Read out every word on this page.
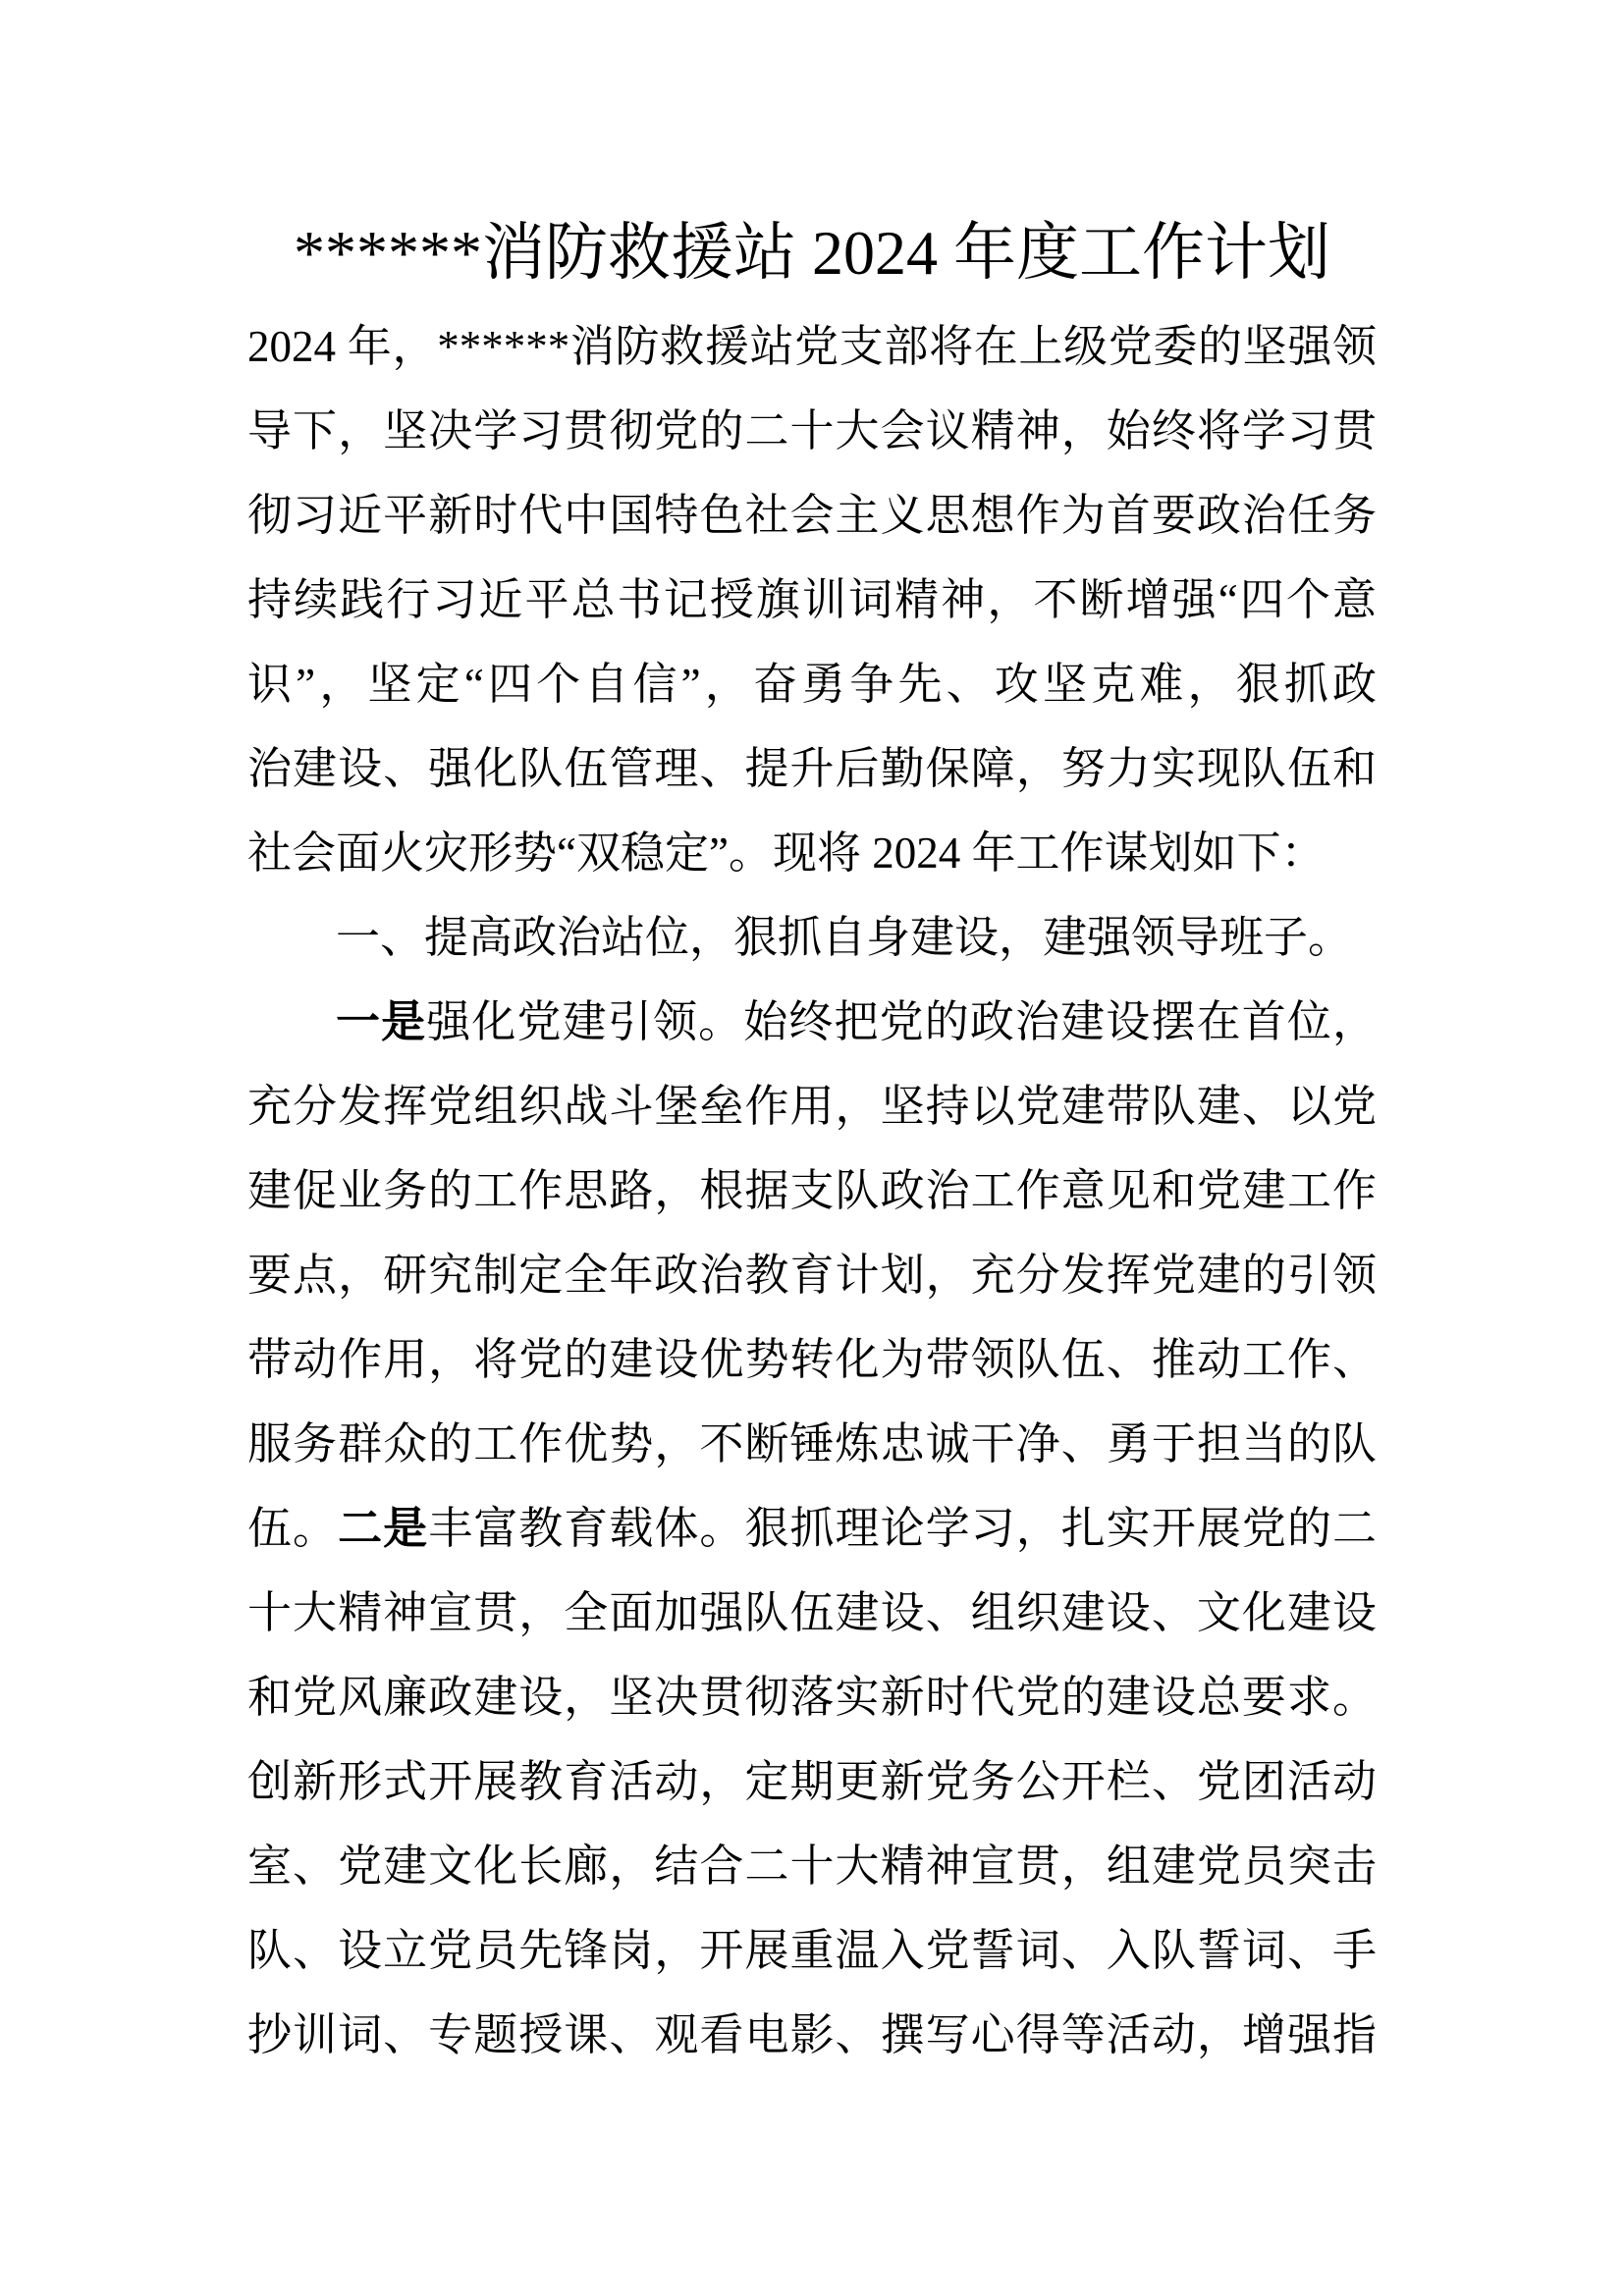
******消防救援站 2024 年度工作计划
2024 年，******消防救援站党支部将在上级党委的坚强领
导下，坚决学习贯彻党的二十大会议精神，始终将学习贯
彻习近平新时代中国特色社会主义思想作为首要政治任务
持续践行习近平总书记授旗训词精神，不断增强“四个意
识”，坚定“四个自信”，奋勇争先、攻坚克难，狠抓政
治建设、强化队伍管理、提升后勤保障，努力实现队伍和
社会面火灾形势“双稳定”。现将 2024 年工作谋划如下：
一、提高政治站位，狠抓自身建设，建强领导班子。
一是强化党建引领。始终把党的政治建设摆在首位，
充分发挥党组织战斗堡垒作用，坚持以党建带队建、以党
建促业务的工作思路，根据支队政治工作意见和党建工作
要点，研究制定全年政治教育计划，充分发挥党建的引领
带动作用，将党的建设优势转化为带领队伍、推动工作、
服务群众的工作优势，不断锤炼忠诚干净、勇于担当的队
伍。二是丰富教育载体。狠抓理论学习，扎实开展党的二
十大精神宣贯，全面加强队伍建设、组织建设、文化建设
和党风廉政建设，坚决贯彻落实新时代党的建设总要求。
创新形式开展教育活动，定期更新党务公开栏、党团活动
室、党建文化长廊，结合二十大精神宣贯，组建党员突击
队、设立党员先锋岗，开展重温入党誓词、入队誓词、手
抄训词、专题授课、观看电影、撰写心得等活动，增强指
